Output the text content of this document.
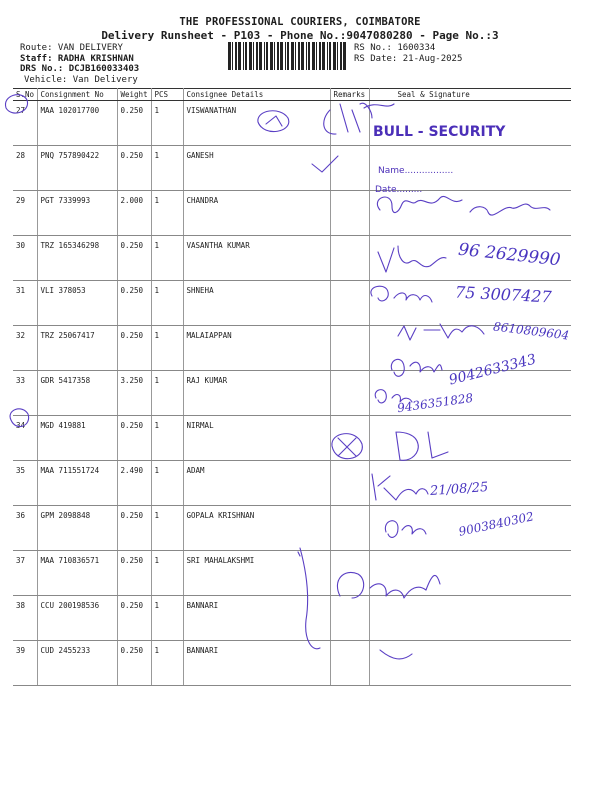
THE PROFESSIONAL COURIERS, COIMBATORE
Delivery Runsheet - P103 - Phone No.:9047080280 - Page No.:3
Route: VAN DELIVERY
Staff: RADHA KRISHNAN
DRS No.: DCJB160033403
Vehicle: Van Delivery
RS No.: 1600334
RS Date: 21-Aug-2025
S.No	Consignment No	Weight	PCS	Consignee Details	Remarks	Seal & Signature
27	MAA 102017700	0.250	1	VISWANATHAN		
28	PNQ 757890422	0.250	1	GANESH		
29	PGT 7339993	2.000	1	CHANDRA		
30	TRZ 165346298	0.250	1	VASANTHA KUMAR		
31	VLI 378053	0.250	1	SHNEHA		
32	TRZ 25067417	0.250	1	MALAIAPPAN		
33	GDR 5417358	3.250	1	RAJ KUMAR		
34	MGD 419881	0.250	1	NIRMAL		
35	MAA 711551724	2.490	1	ADAM		
36	GPM 2098848	0.250	1	GOPALA KRISHNAN		
37	MAA 710836571	0.250	1	SRI MAHALAKSHMI		
38	CCU 200198536	0.250	1	BANNARI		
39	CUD 2455233	0.250	1	BANNARI		
BULL - SECURITY
Name.................
Date.........
96 2629990
75 3007427
8610809604
9042633343
9436351828
21/08/25
9003840302
